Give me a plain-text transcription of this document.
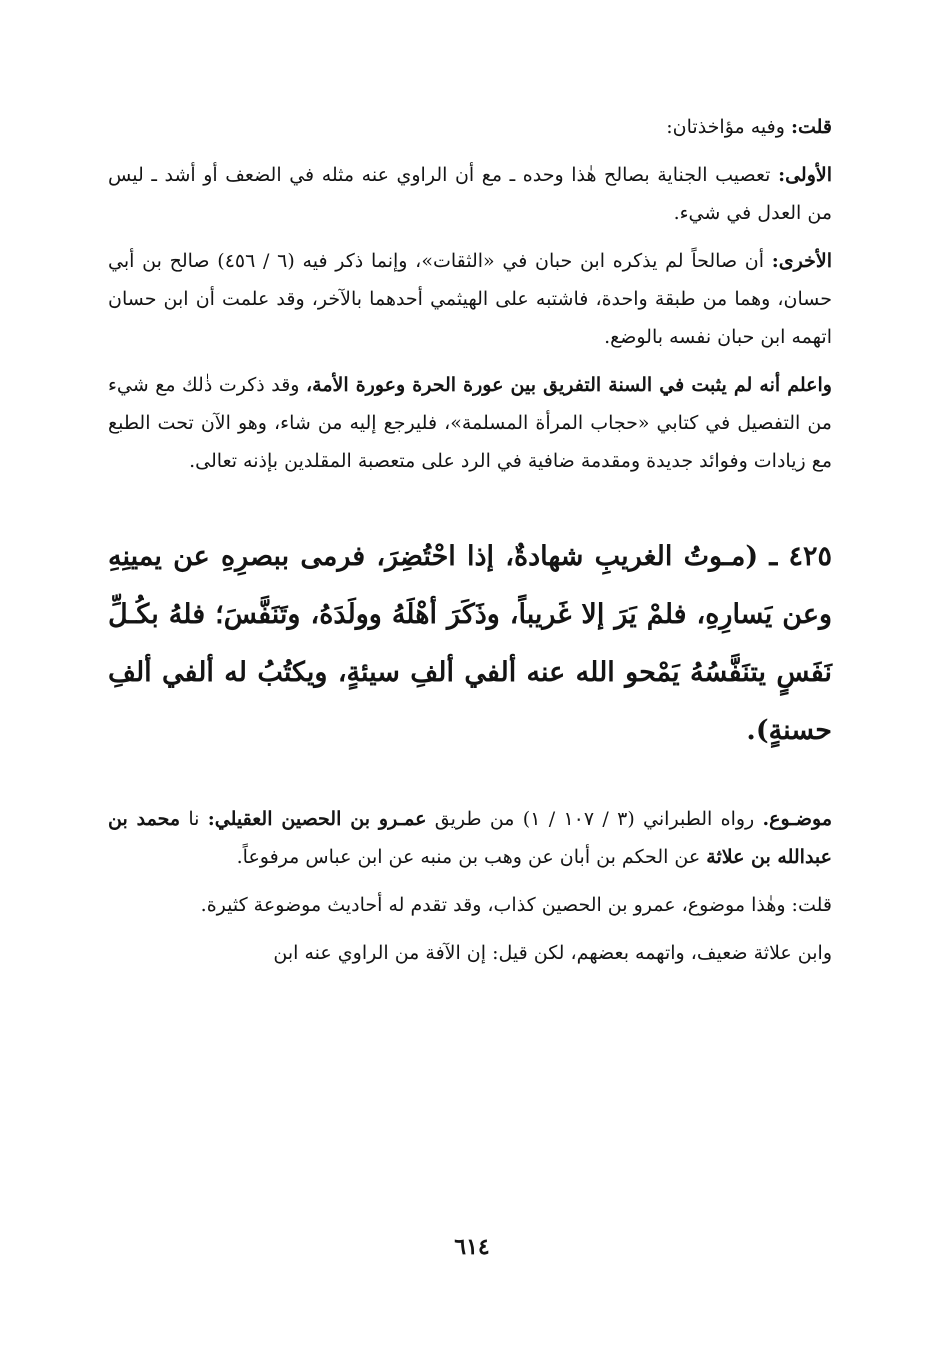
قلت: وفيه مؤاخذتان:

الأولى: تعصيب الجناية بصالح هٰذا وحده ـ مع أن الراوي عنه مثله في الضعف أو أشد ـ ليس من العدل في شيء.

الأخرى: أن صالحاً لم يذكره ابن حبان في «الثقات»، وإنما ذكر فيه (٦ / ٤٥٦) صالح بن أبي حسان، وهما من طبقة واحدة، فاشتبه على الهيثمي أحدهما بالآخر، وقد علمت أن ابن حسان اتهمه ابن حبان نفسه بالوضع.

واعلم أنه لم يثبت في السنة التفريق بين عورة الحرة وعورة الأمة، وقد ذكرت ذٰلك مع شيء من التفصيل في كتابي «حجاب المرأة المسلمة»، فليرجع إليه من شاء، وهو الآن تحت الطبع مع زيادات وفوائد جديدة ومقدمة ضافية في الرد على متعصبة المقلدين بإذنه تعالى.

٤٢٥ ـ (مـوتُ الغريبِ شهادةٌ، إذا احْتُضِرَ، فرمى ببصرِهِ عن يمينِهِ وعن يَسارِهِ، فلمْ يَرَ إلا غَريباً، وذَكَرَ أهْلَهُ وولَدَهُ، وتَنَفَّسَ؛ فلهُ بكُـلِّ نَفَسٍ يتنَفَّسُهُ يَمْحو الله عنه ألفي ألفِ سيئةٍ، ويكتُبُ له ألفي ألفِ حسنةٍ).

موضـوع. رواه الطبراني (٣ / ١٠٧ / ١) من طريق عمـرو بن الحصين العقيلي: نا محمد بن عبدالله بن علاثة عن الحكم بن أبان عن وهب بن منبه عن ابن عباس مرفوعاً.

قلت: وهٰذا موضوع، عمرو بن الحصين كذاب، وقد تقدم له أحاديث موضوعة كثيرة.

وابن علاثة ضعيف، واتهمه بعضهم، لكن قيل: إن الآفة من الراوي عنه ابن

٦١٤
